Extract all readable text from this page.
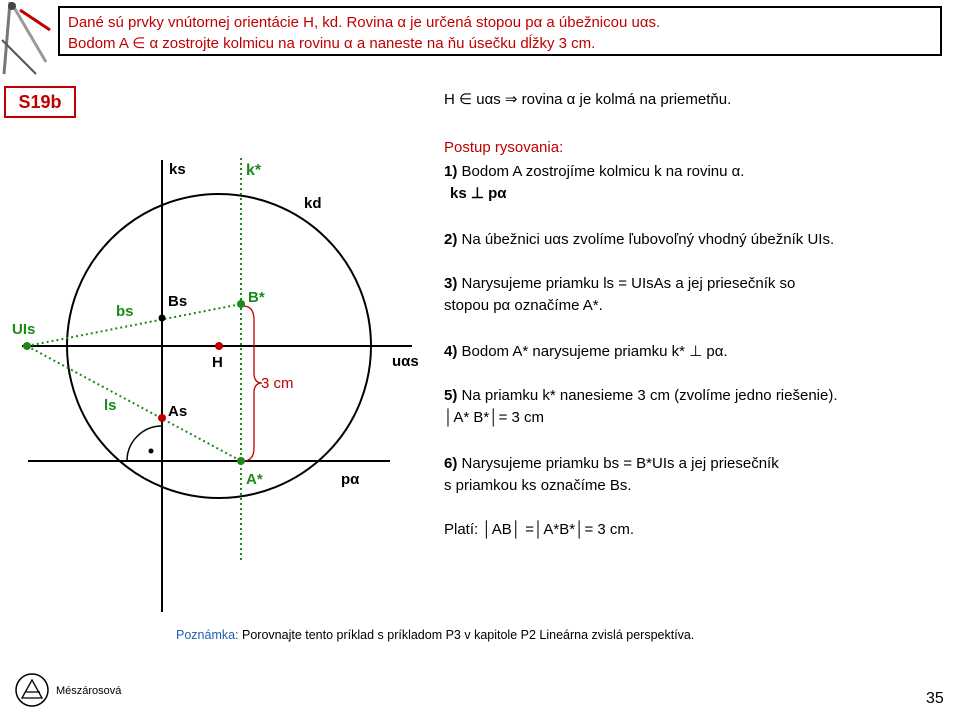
Dané sú prvky vnútornej orientácie H, kd. Rovina α je určená stopou pα a úbežnicou uαs.
Bodom A ∈ α zostrojte kolmicu na rovinu α a naneste na ňu úsečku dĺžky 3 cm.
S19b	H ∈ uαs ⇒ rovina α je kolmá na priemetňu.
Postup rysovania:
1) Bodom A zostrojíme kolmicu k na rovinu α.
ks ⊥ pα
2) Na úbežnici uαs zvolíme ľubovoľný vhodný úbežník UIs.
3) Narysujeme priamku ls = UIsAs a jej priesečník so
stopou pα označíme A*.
4) Bodom A* narysujeme priamku k* ⊥ pα.
5) Na priamku k* nanesieme 3 cm (zvolíme jedno riešenie).
│A* B*│= 3 cm
6) Narysujeme priamku bs = B*UIs a jej priesečník
s priamkou ks označíme Bs.
Platí: │AB│ =│A*B*│= 3 cm.
ks	k*
kd
bs
Bs	B*
UIs
H	uαs
3 cm
ls	As
A*	pα
Poznámka: Porovnajte tento príklad s príkladom P3 v kapitole P2 Lineárna zvislá perspektíva.
Mészárosová	35
